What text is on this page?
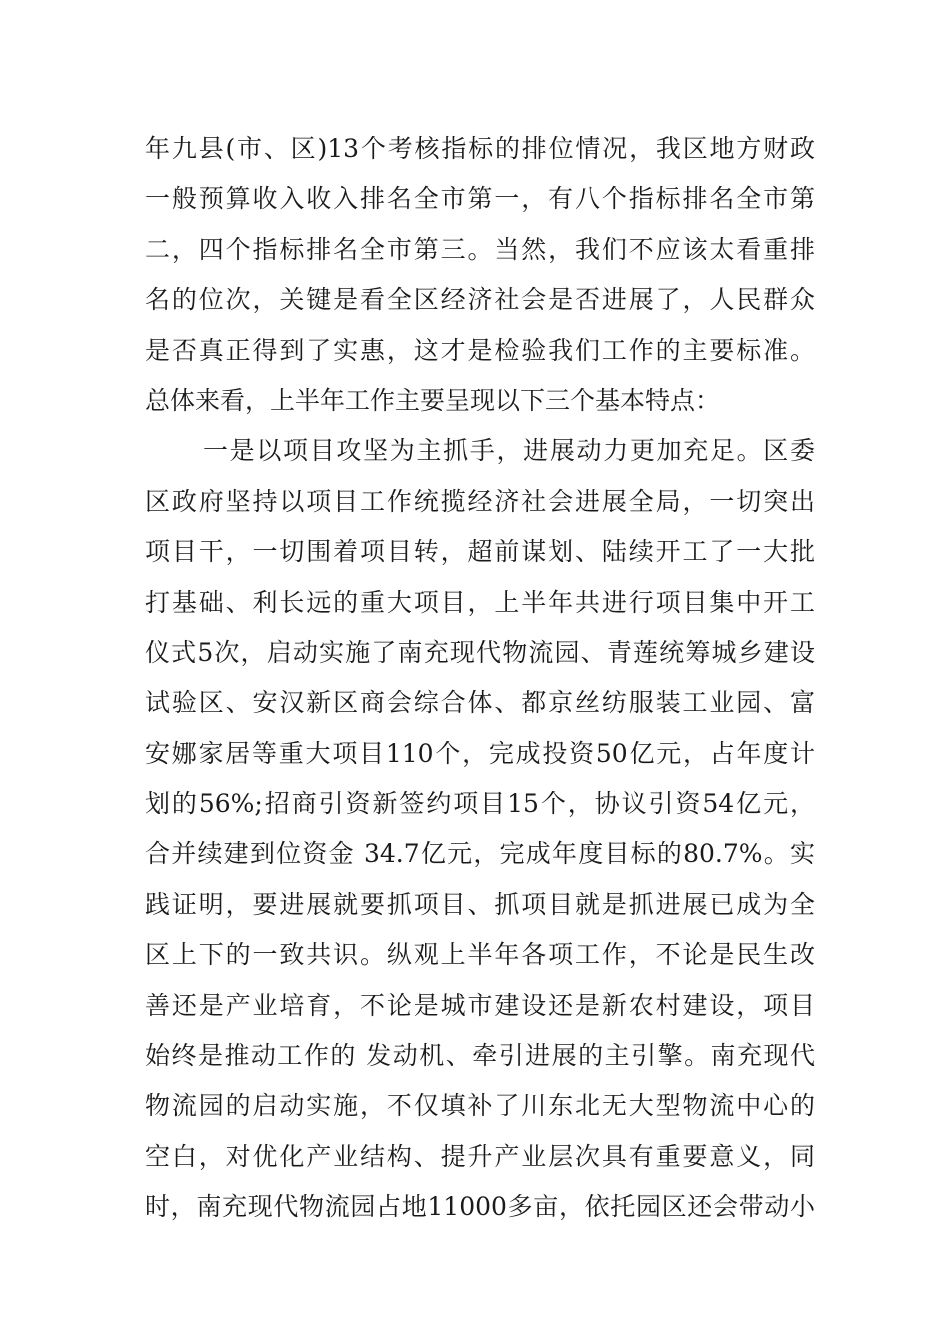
年九县(市、区)13个考核指标的排位情况，我区地方财政
一般预算收入收入排名全市第一，有八个指标排名全市第
二，四个指标排名全市第三。当然，我们不应该太看重排
名的位次，关键是看全区经济社会是否进展了，人民群众
是否真正得到了实惠，这才是检验我们工作的主要标准。
总体来看，上半年工作主要呈现以下三个基本特点：
一是以项目攻坚为主抓手，进展动力更加充足。区委
区政府坚持以项目工作统揽经济社会进展全局，一切突出
项目干，一切围着项目转，超前谋划、陆续开工了一大批
打基础、利长远的重大项目，上半年共进行项目集中开工
仪式5次，启动实施了南充现代物流园、青莲统筹城乡建设
试验区、安汉新区商会综合体、都京丝纺服装工业园、富
安娜家居等重大项目110个，完成投资50亿元，占年度计
划的56%;招商引资新签约项目15个，协议引资54亿元，
合并续建到位资金 34.7亿元，完成年度目标的80.7%。实
践证明，要进展就要抓项目、抓项目就是抓进展已成为全
区上下的一致共识。纵观上半年各项工作，不论是民生改
善还是产业培育，不论是城市建设还是新农村建设，项目
始终是推动工作的 发动机、牵引进展的主引擎。南充现代
物流园的启动实施，不仅填补了川东北无大型物流中心的
空白，对优化产业结构、提升产业层次具有重要意义，同
时，南充现代物流园占地11000多亩，依托园区还会带动小
